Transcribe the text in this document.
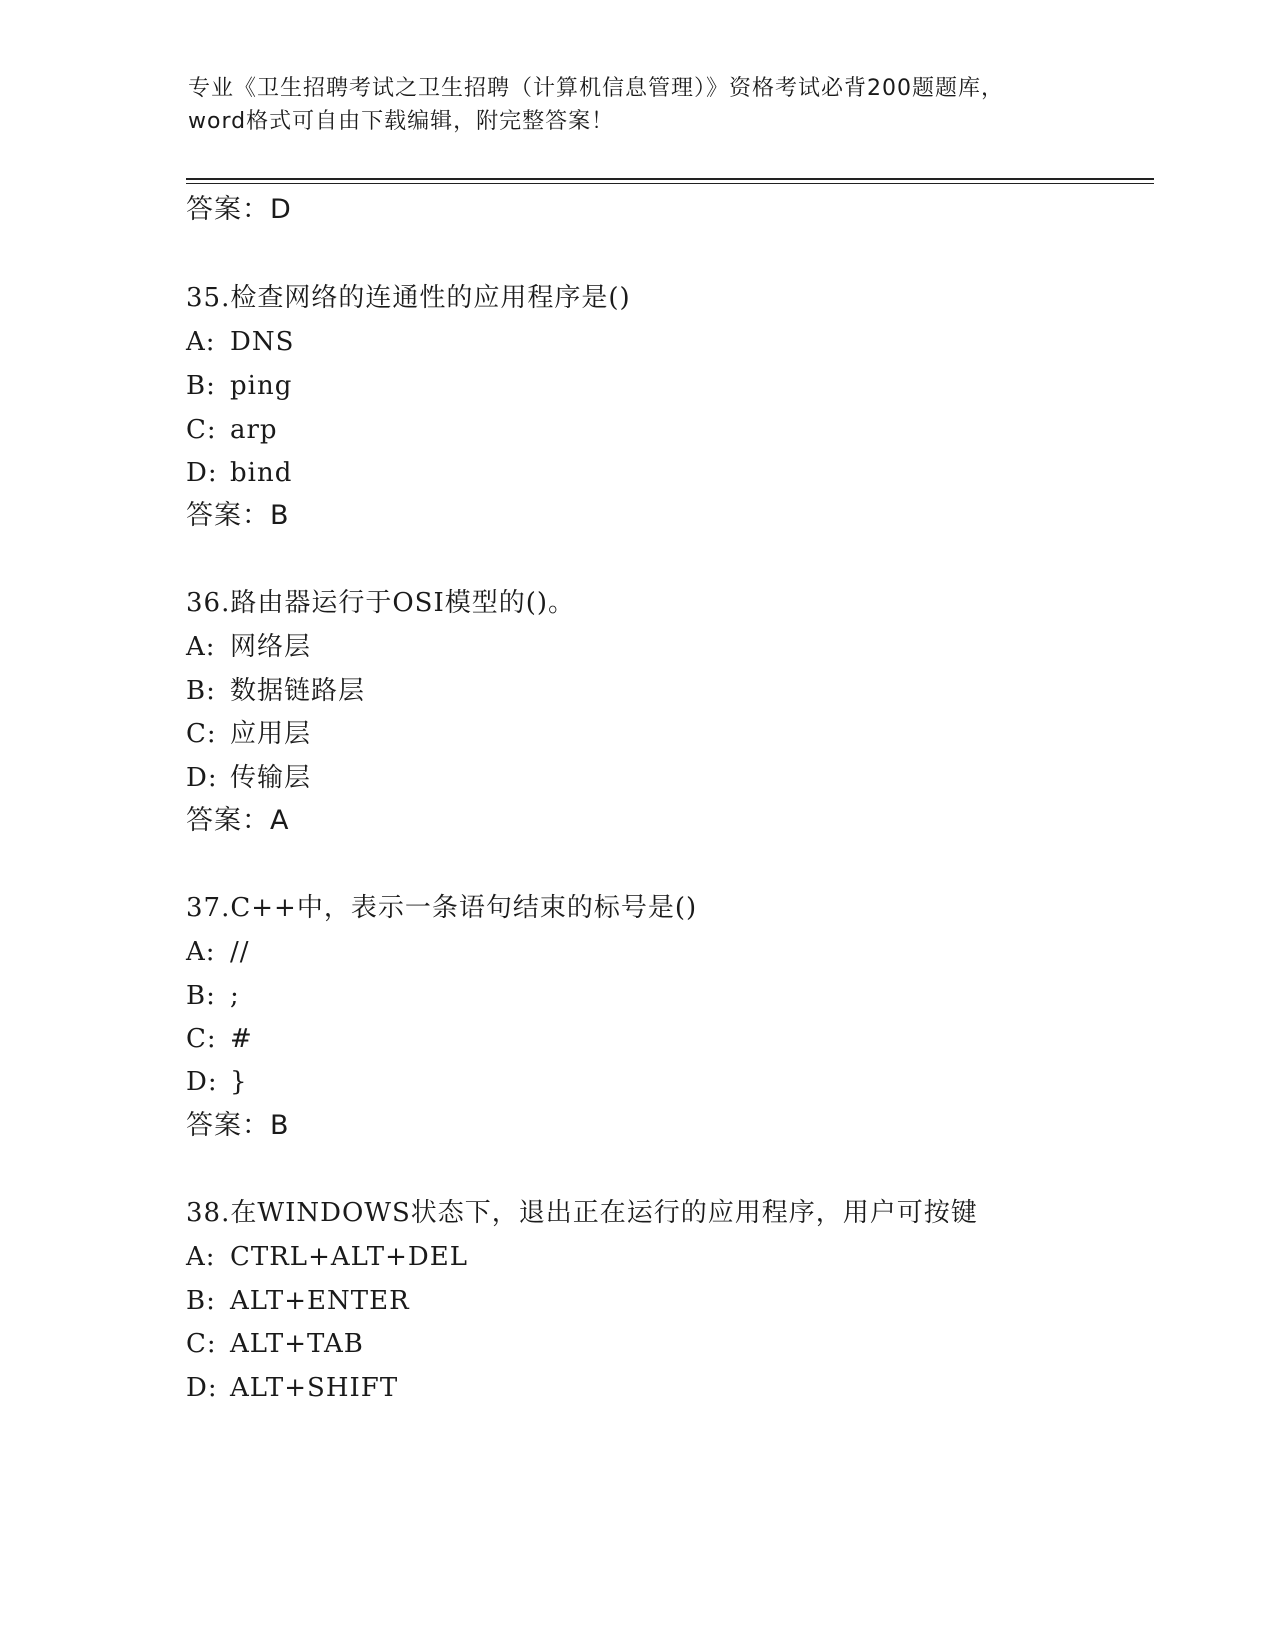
专业《卫生招聘考试之卫生招聘（计算机信息管理）》资格考试必背200题题库，
word格式可自由下载编辑，附完整答案！
答案：D
35.检查网络的连通性的应用程序是()
A: DNS
B: ping
C: arp
D: bind
答案：B
36.路由器运行于OSI模型的()。
A: 网络层
B: 数据链路层
C: 应用层
D: 传输层
答案：A
37.C++中，表示一条语句结束的标号是()
A: //
B: ;
C: #
D: }
答案：B
38.在WINDOWS状态下，退出正在运行的应用程序，用户可按键
A: CTRL+ALT+DEL
B: ALT+ENTER
C: ALT+TAB
D: ALT+SHIFT
